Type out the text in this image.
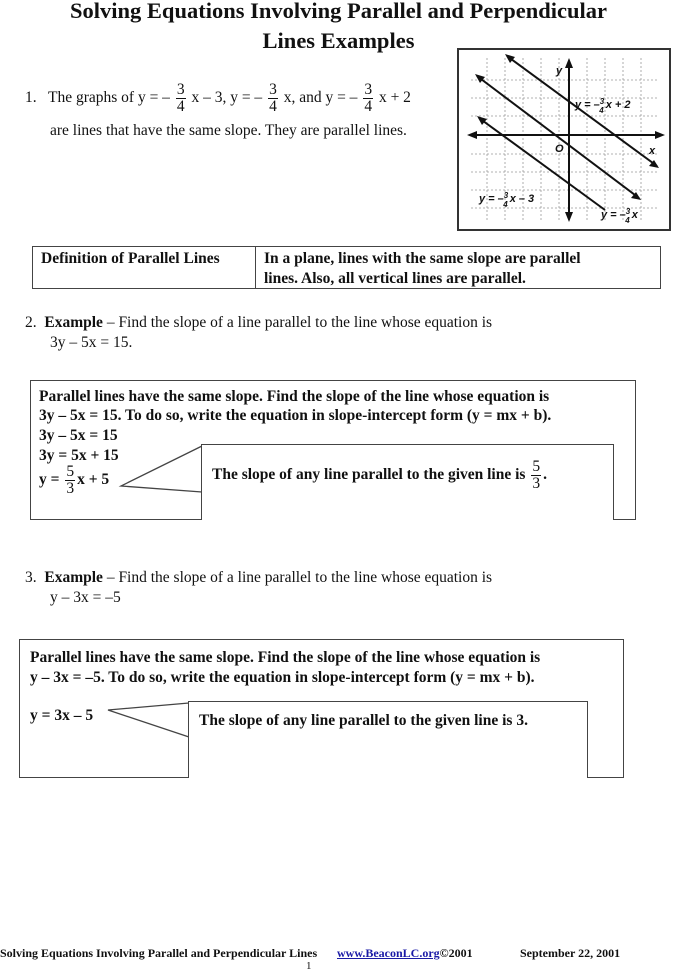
Solving Equations Involving Parallel and Perpendicular
Lines Examples
1. The graphs of y = – $\frac{3}{4}$ x – 3, y = – $\frac{3}{4} x$, and y = – $\frac{3}{4}$ x + 2
are lines that have the same slope. They are parallel lines.
y
x
O
y = –$^3$ 4 x + 2
y = –$^3$ 4 x – 3
y = –$^3$ 4 x
Definition of Parallel Lines	In a plane, lines with the same slope are parallel
lines. Also, all vertical lines are parallel.
2. Example – Find the slope of a line parallel to the line whose equation is
3y – 5x = 15.
Parallel lines have the same slope. Find the slope of the line whose equation is
3y – 5x = 15. To do so, write the equation in slope-intercept form (y = mx + b).
3y – 5x = 15
3y = 5x + 15
$y = \frac{5}{3}$ x + 5	The slope of any line parallel to the given line is $\frac{5}{3}$ .
3. Example – Find the slope of a line parallel to the line whose equation is
y – 3x = –5
Parallel lines have the same slope. Find the slope of the line whose equation is
y – 3x = –5. To do so, write the equation in slope-intercept form (y = mx + b).
y = 3x – 5	The slope of any line parallel to the given line is 3.
Solving Equations Involving Parallel and Perpendicular Lines www.BeaconLC.org©2001	September 22, 2001
1
